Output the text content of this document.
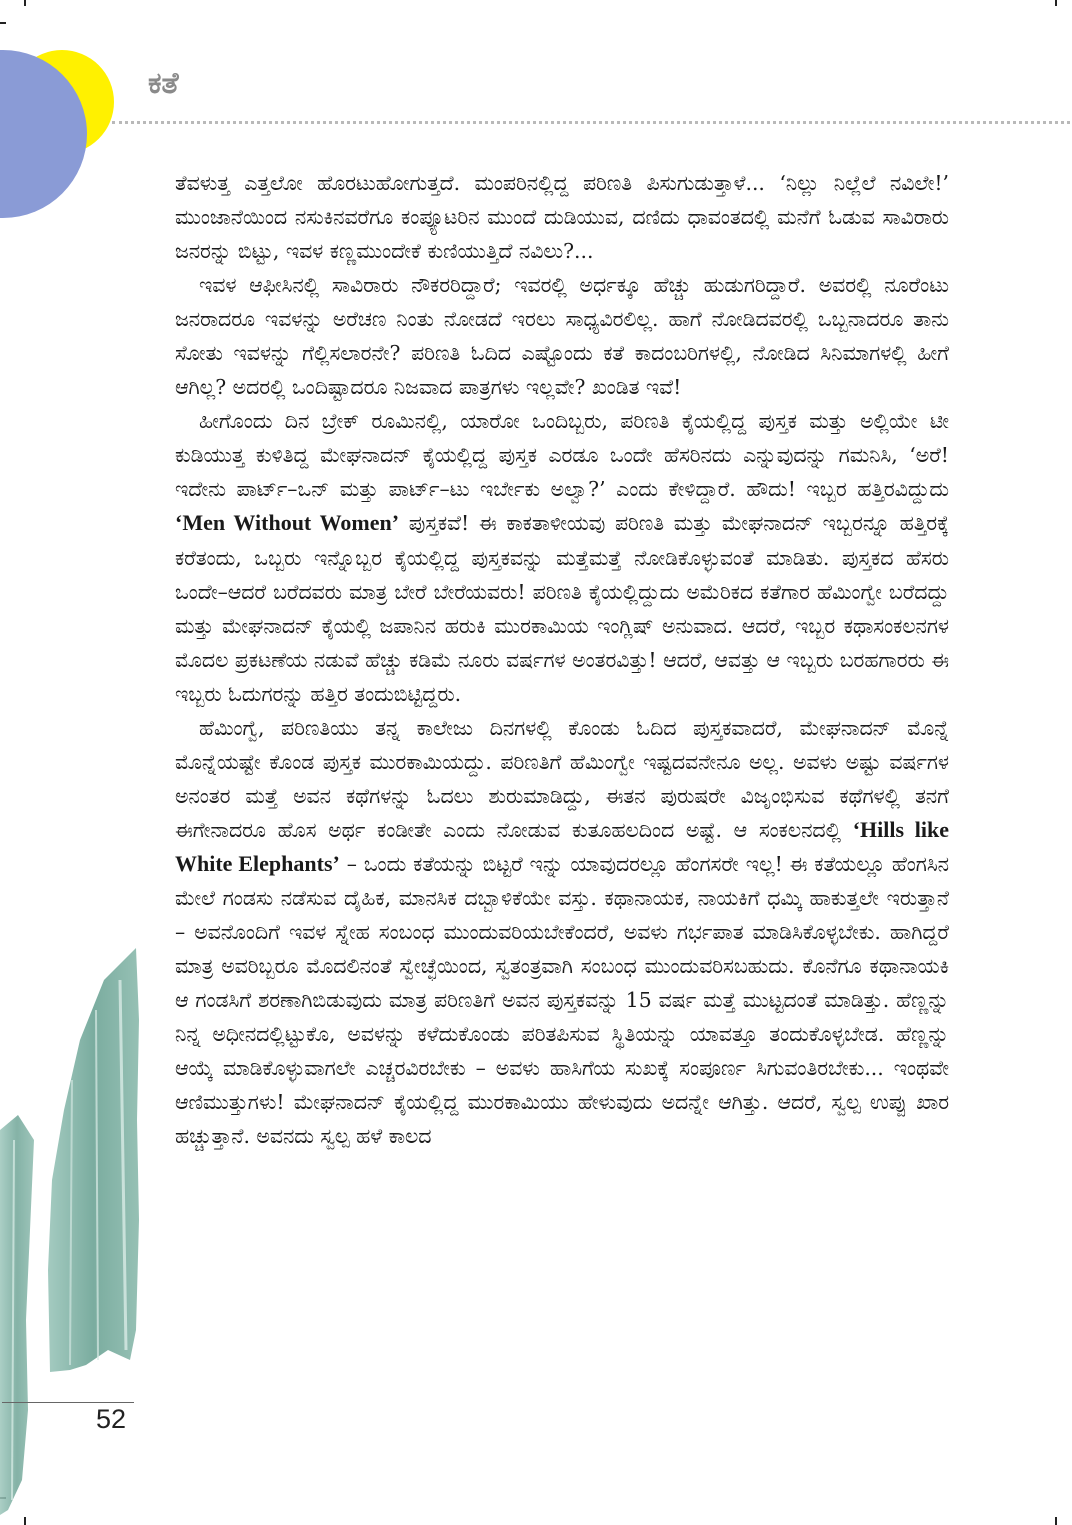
ಕತೆ

ತೆವಳುತ್ತ ಎತ್ತಲೋ ಹೊರಟುಹೋಗುತ್ತದೆ. ಮಂಪರಿನಲ್ಲಿದ್ದ ಪರಿಣತಿ ಪಿಸುಗುಡುತ್ತಾಳೆ... ‘ನಿಲ್ಲು ನಿಲ್ಲೆಲೆ ನವಿಲೇ!’ ಮುಂಜಾನೆಯಿಂದ ನಸುಕಿನವರೆಗೂ ಕಂಪ್ಯೂಟರಿನ ಮುಂದೆ ದುಡಿಯುವ, ದಣಿದು ಧಾವಂತದಲ್ಲಿ ಮನೆಗೆ ಓಡುವ ಸಾವಿರಾರು ಜನರನ್ನು ಬಿಟ್ಟು, ಇವಳ ಕಣ್ಣಮುಂದೇಕೆ ಕುಣಿಯುತ್ತಿದೆ ನವಿಲು?...

ಇವಳ ಆಫೀಸಿನಲ್ಲಿ ಸಾವಿರಾರು ನೌಕರರಿದ್ದಾರೆ; ಇವರಲ್ಲಿ ಅರ್ಧಕ್ಕೂ ಹೆಚ್ಚು ಹುಡುಗರಿದ್ದಾರೆ. ಅವರಲ್ಲಿ ನೂರೆಂಟು ಜನರಾದರೂ ಇವಳನ್ನು ಅರೆಚಣ ನಿಂತು ನೋಡದೆ ಇರಲು ಸಾಧ್ಯವಿರಲಿಲ್ಲ. ಹಾಗೆ ನೋಡಿದವರಲ್ಲಿ ಒಬ್ಬನಾದರೂ ತಾನು ಸೋತು ಇವಳನ್ನು ಗೆಲ್ಲಿಸಲಾರನೇ? ಪರಿಣತಿ ಓದಿದ ಎಷ್ಟೊಂದು ಕತೆ ಕಾದಂಬರಿಗಳಲ್ಲಿ, ನೋಡಿದ ಸಿನಿಮಾಗಳಲ್ಲಿ ಹೀಗೆ ಆಗಿಲ್ಲ? ಅದರಲ್ಲಿ ಒಂದಿಷ್ಟಾದರೂ ನಿಜವಾದ ಪಾತ್ರಗಳು ಇಲ್ಲವೇ? ಖಂಡಿತ ಇವೆ!

ಹೀಗೊಂದು ದಿನ ಬ್ರೇಕ್ ರೂಮಿನಲ್ಲಿ, ಯಾರೋ ಒಂದಿಬ್ಬರು, ಪರಿಣತಿ ಕೈಯಲ್ಲಿದ್ದ ಪುಸ್ತಕ ಮತ್ತು ಅಲ್ಲಿಯೇ ಟೀ ಕುಡಿಯುತ್ತ ಕುಳಿತಿದ್ದ ಮೇಘನಾದನ್ ಕೈಯಲ್ಲಿದ್ದ ಪುಸ್ತಕ ಎರಡೂ ಒಂದೇ ಹೆಸರಿನದು ಎನ್ನುವುದನ್ನು ಗಮನಿಸಿ, ‘ಅರೆ! ಇದೇನು ಪಾರ್ಟ್–ಒನ್ ಮತ್ತು ಪಾರ್ಟ್–ಟು ಇರ್ಬೇಕು ಅಲ್ವಾ?’ ಎಂದು ಕೇಳಿದ್ದಾರೆ. ಹೌದು! ಇಬ್ಬರ ಹತ್ತಿರವಿದ್ದುದು ‘Men Without Women’ ಪುಸ್ತಕವೆ! ಈ ಕಾಕತಾಳೀಯವು ಪರಿಣತಿ ಮತ್ತು ಮೇಘನಾದನ್ ಇಬ್ಬರನ್ನೂ ಹತ್ತಿರಕ್ಕೆ ಕರೆತಂದು, ಒಬ್ಬರು ಇನ್ನೊಬ್ಬರ ಕೈಯಲ್ಲಿದ್ದ ಪುಸ್ತಕವನ್ನು ಮತ್ತೆಮತ್ತೆ ನೋಡಿಕೊಳ್ಳುವಂತೆ ಮಾಡಿತು. ಪುಸ್ತಕದ ಹೆಸರು ಒಂದೇ–ಆದರೆ ಬರೆದವರು ಮಾತ್ರ ಬೇರೆ ಬೇರೆಯವರು! ಪರಿಣತಿ ಕೈಯಲ್ಲಿದ್ದುದು ಅಮೆರಿಕದ ಕತೆಗಾರ ಹೆಮಿಂಗ್ವೇ ಬರೆದದ್ದು ಮತ್ತು ಮೇಘನಾದನ್ ಕೈಯಲ್ಲಿ ಜಪಾನಿನ ಹರುಕಿ ಮುರಕಾಮಿಯ ಇಂಗ್ಲಿಷ್ ಅನುವಾದ. ಆದರೆ, ಇಬ್ಬರ ಕಥಾಸಂಕಲನಗಳ ಮೊದಲ ಪ್ರಕಟಣೆಯ ನಡುವೆ ಹೆಚ್ಚು ಕಡಿಮೆ ನೂರು ವರ್ಷಗಳ ಅಂತರವಿತ್ತು! ಆದರೆ, ಆವತ್ತು ಆ ಇಬ್ಬರು ಬರಹಗಾರರು ಈ ಇಬ್ಬರು ಓದುಗರನ್ನು ಹತ್ತಿರ ತಂದುಬಿಟ್ಟಿದ್ದರು.

ಹೆಮಿಂಗ್ವೆ, ಪರಿಣತಿಯು ತನ್ನ ಕಾಲೇಜು ದಿನಗಳಲ್ಲಿ ಕೊಂಡು ಓದಿದ ಪುಸ್ತಕವಾದರೆ, ಮೇಘನಾದನ್ ಮೊನ್ನೆ ಮೊನ್ನೆಯಷ್ಟೇ ಕೊಂಡ ಪುಸ್ತಕ ಮುರಕಾಮಿಯದ್ದು. ಪರಿಣತಿಗೆ ಹೆಮಿಂಗ್ವೇ ಇಷ್ಟದವನೇನೂ ಅಲ್ಲ. ಅವಳು ಅಷ್ಟು ವರ್ಷಗಳ ಅನಂತರ ಮತ್ತೆ ಅವನ ಕಥೆಗಳನ್ನು ಓದಲು ಶುರುಮಾಡಿದ್ದು, ಈತನ ಪುರುಷರೇ ವಿಜೃಂಭಿಸುವ ಕಥೆಗಳಲ್ಲಿ ತನಗೆ ಈಗೇನಾದರೂ ಹೊಸ ಅರ್ಥ ಕಂಡೀತೇ ಎಂದು ನೋಡುವ ಕುತೂಹಲದಿಂದ ಅಷ್ಟೆ. ಆ ಸಂಕಲನದಲ್ಲಿ ‘Hills like White Elephants’ – ಒಂದು ಕತೆಯನ್ನು ಬಿಟ್ಟರೆ ಇನ್ನು ಯಾವುದರಲ್ಲೂ ಹೆಂಗಸರೇ ಇಲ್ಲ! ಈ ಕತೆಯಲ್ಲೂ ಹೆಂಗಸಿನ ಮೇಲೆ ಗಂಡಸು ನಡೆಸುವ ದೈಹಿಕ, ಮಾನಸಿಕ ದಬ್ಬಾಳಿಕೆಯೇ ವಸ್ತು. ಕಥಾನಾಯಕ, ನಾಯಕಿಗೆ ಧಮ್ಕಿ ಹಾಕುತ್ತಲೇ ಇರುತ್ತಾನೆ – ಅವನೊಂದಿಗೆ ಇವಳ ಸ್ನೇಹ ಸಂಬಂಧ ಮುಂದುವರಿಯಬೇಕೆಂದರೆ, ಅವಳು ಗರ್ಭಪಾತ ಮಾಡಿಸಿಕೊಳ್ಳಬೇಕು. ಹಾಗಿದ್ದರೆ ಮಾತ್ರ ಅವರಿಬ್ಬರೂ ಮೊದಲಿನಂತೆ ಸ್ವೇಚ್ಛೆಯಿಂದ, ಸ್ವತಂತ್ರವಾಗಿ ಸಂಬಂಧ ಮುಂದುವರಿಸಬಹುದು. ಕೊನೆಗೂ ಕಥಾನಾಯಕಿ ಆ ಗಂಡಸಿಗೆ ಶರಣಾಗಿಬಿಡುವುದು ಮಾತ್ರ ಪರಿಣತಿಗೆ ಅವನ ಪುಸ್ತಕವನ್ನು 15 ವರ್ಷ ಮತ್ತೆ ಮುಟ್ಟದಂತೆ ಮಾಡಿತ್ತು. ಹೆಣ್ಣನ್ನು ನಿನ್ನ ಅಧೀನದಲ್ಲಿಟ್ಟುಕೊ, ಅವಳನ್ನು ಕಳೆದುಕೊಂಡು ಪರಿತಪಿಸುವ ಸ್ಥಿತಿಯನ್ನು ಯಾವತ್ತೂ ತಂದುಕೊಳ್ಳಬೇಡ. ಹೆಣ್ಣನ್ನು ಆಯ್ಕೆ ಮಾಡಿಕೊಳ್ಳುವಾಗಲೇ ಎಚ್ಚರವಿರಬೇಕು – ಅವಳು ಹಾಸಿಗೆಯ ಸುಖಕ್ಕೆ ಸಂಪೂರ್ಣ ಸಿಗುವಂತಿರಬೇಕು... ಇಂಥವೇ ಆಣಿಮುತ್ತುಗಳು! ಮೇಘನಾದನ್ ಕೈಯಲ್ಲಿದ್ದ ಮುರಕಾಮಿಯು ಹೇಳುವುದು ಅದನ್ನೇ ಆಗಿತ್ತು. ಆದರೆ, ಸ್ವಲ್ಪ ಉಪ್ಪು ಖಾರ ಹಚ್ಚುತ್ತಾನೆ. ಅವನದು ಸ್ವಲ್ಪ ಹಳೆ ಕಾಲದ

52
